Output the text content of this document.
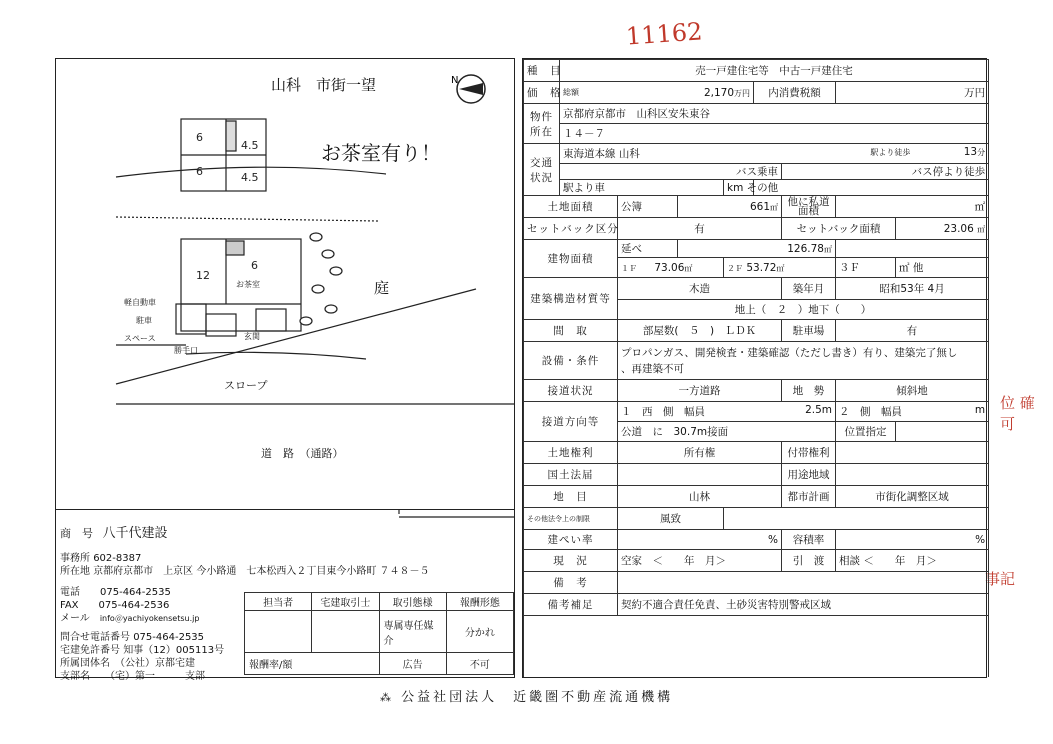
11162
位 確可
事記
山科　市街一望	N
お茶室有り！
6
4.5
6	4.5
12
6
お茶室	庭
軽自動車
駐車
スペース
勝手口
玄関
スロープ
道　路　（通路）
商　号 八千代建設
事務所 602-8387
所在地 京都府京都市　上京区 今小路通　七本松西入２丁目東今小路町 ７４８－５
電話　　 075-464-2535
FAX　　 075-464-2536
メール　 info＠yachiyokensetsu.jp
問合せ電話番号 075-464-2535
宅建免許番号 知事（12）005113号
所属団体名　 （公社）京都宅建
支部名　　 （宅）第一　　　	支部
担当者	宅建取引士	取引態様	報酬形態
		専属専任媒介	分かれ
報酬率/額		広告	不可
種　目	売一戸建住宅等　中古一戸建住宅							
価　格	総額 2,170万円				内消費税額		万円	
物件所在	京都府京都市　山科区安朱東谷							
	１４－７							
交通状況	東海道本線 山科 駅より徒歩 13分							

	バス乗車					バス停より徒歩		
	駅より車			km その他				
土地面積		公簿	661㎡			他に私道面積	㎡	
セットバック区分		有				セットバック面積		23.06 ㎡
建物面積		延べ	126.78㎡					
		１Ｆ 73.06㎡		２Ｆ 53.72㎡			３Ｆ	㎡ 他
建築構造材質等		木造				築年月	昭和53年 4月	
		地上（　２　）地下（　　）						
間　取		部屋数(　５　)　ＬＤＫ				駐車場	有	
設備・条件		プロパンガス、開発検査・建築確認（ただし書き）有り、建築完了無し
、再建築不可						

接道状況		一方道路				地　勢	傾斜地	
接道方向等		１　 西　側　幅員 2.5m					２　 側　幅員 m	

		公道　に　 30.7m接面					位置指定	
土地権利		所有権				付帯権利		
国土法届						用途地域		
地　目		山林				都市計画	市街化調整区域	
その他法令上の制限		風致						
建ぺい率		%				容積率	%	
現　況		空家　 ＜　　年　月＞				引　渡	相談 ＜　　年　月＞	
備　考								
備考補足		契約不適合責任免責、土砂災害特別警戒区域						

⁂ 公益社団法人　近畿圏不動産流通機構
